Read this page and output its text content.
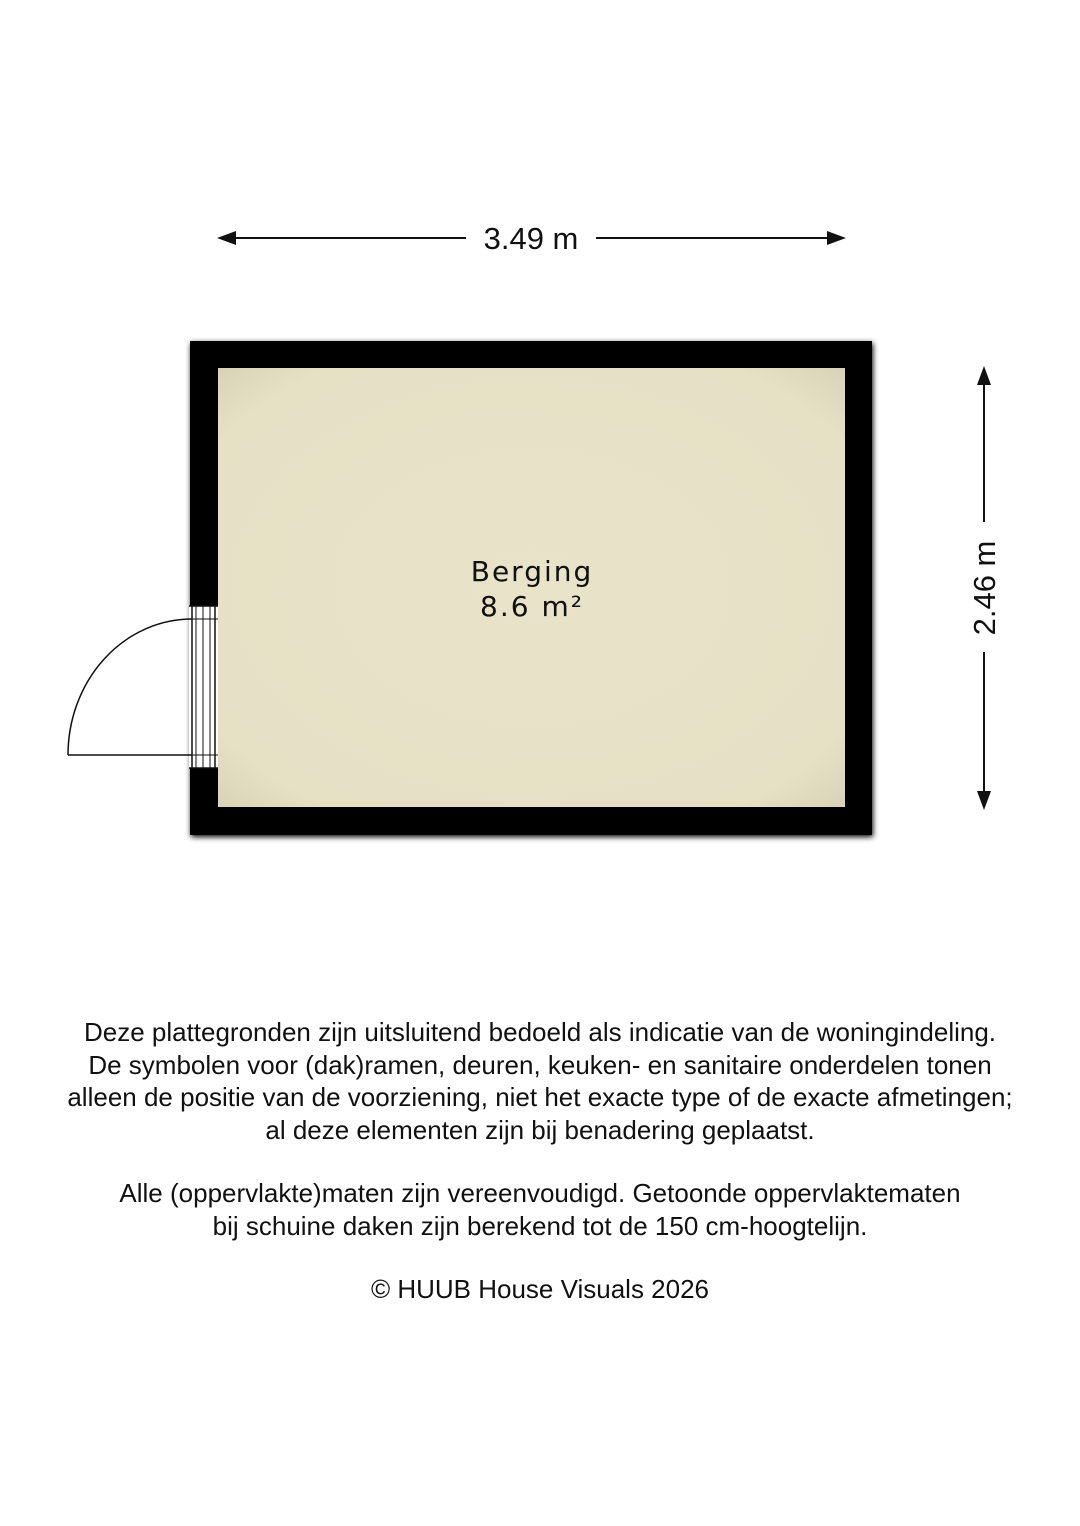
3.49 m
2.46 m
Berging
8.6 m²

Deze plattegronden zijn uitsluitend bedoeld als indicatie van de woningindeling.

De symbolen voor (dak)ramen, deuren, keuken- en sanitaire onderdelen tonen

alleen de positie van de voorziening, niet het exacte type of de exacte afmetingen;

al deze elementen zijn bij benadering geplaatst.

Alle (oppervlakte)maten zijn vereenvoudigd. Getoonde oppervlaktematen

bij schuine daken zijn berekend tot de 150 cm-hoogtelijn.

© HUUB House Visuals 2026
